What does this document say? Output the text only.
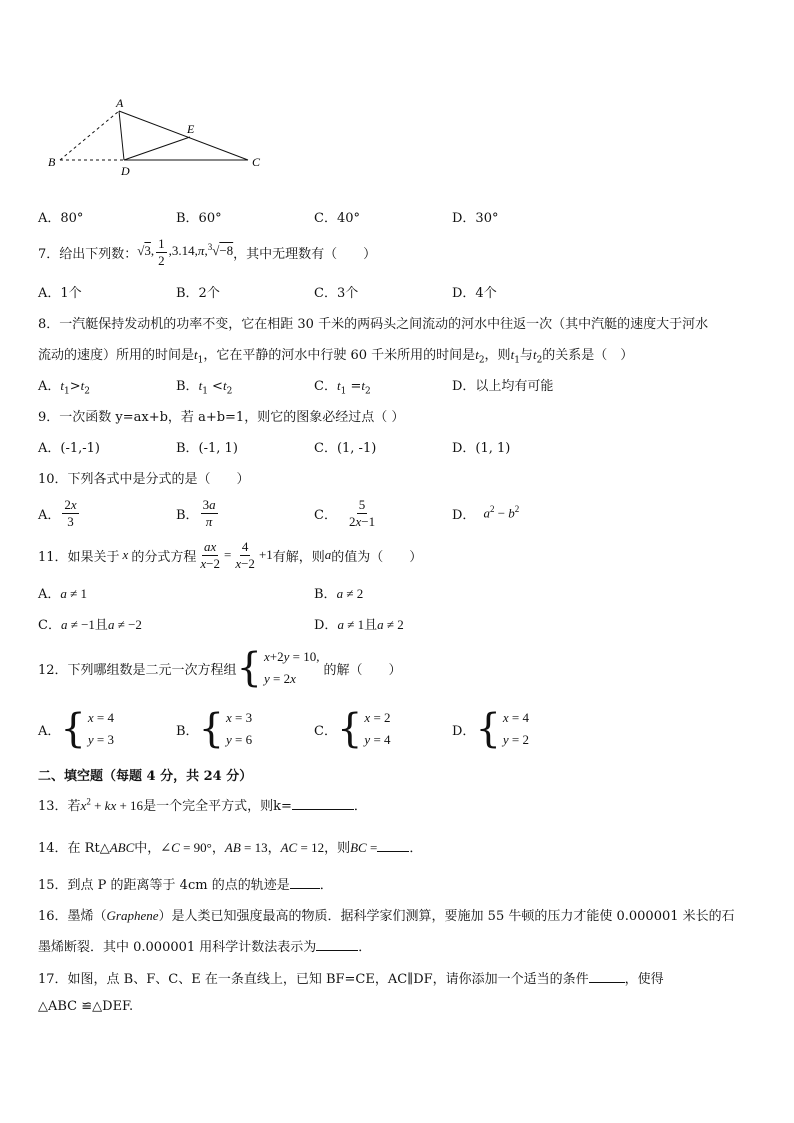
A
B
D
E
C
A．80°	B．60°	C．40°	D．30°
7．给出下列数： √3, $\frac{1}{2} ,3.14,\pi,^3√-8$ ，其中无理数有（　　）
A．1个	B．2个	C．3个	D．4个
8．一汽艇保持发动机的功率不变，它在相距 30 千米的两码头之间流动的河水中往返一次（其中汽艇的速度大于河水
流动的速度）所用的时间是$t_1$，它在平静的河水中行驶 60 千米所用的时间是$t_2$，则$t_1$与$t_2$的关系是（　）
A．$t_1>t_2$	B．$t_1 <t_2$	C．$t_1 =t_2$	D．以上均有可能
9．一次函数 y=ax+b，若 a+b=1，则它的图象必经过点（ ）
A．(-1,-1)	B．(-1, 1)	C．(1, -1)	D．(1, 1)
10．下列各式中是分式的是（　　）
A． $\frac{2x}{3}$	B． $\frac{3a}{\pi}$	C． $\frac{5}{2x-1}$	D． $a^2 - b^2$
11．如果关于 x 的分式方程 $\frac{ax}{x-2} = \frac{4}{x-2} +1$ 有解，则 a 的值为（　　）
A．a ≠ 1	B．a ≠ 2
C．a ≠ −1且a ≠ −2	D．a ≠ 1且a ≠ 2
12．下列哪组数是二元一次方程组 { x+2y = 10,
y = 2x
的解（　　）
A． { x = 4
y = 3
B． { x = 3
y = 6
C． { x = 2
y = 4
D． { x = 4
y = 2
二、填空题（每题 4 分，共 24 分）
13．若$x^2$ + kx + 16是一个完全平方式，则k=	．
14．在 Rt△ABC中，∠C = 90°，AB = 13，AC = 12，则BC = ．
15．到点 P 的距离等于 4cm 的点的轨迹是 ．
16．墨烯（Graphene）是人类已知强度最高的物质．据科学家们测算，要施加 55 牛顿的压力才能使 0.000001 米长的石
墨烯断裂．其中 0.000001 用科学计数法表示为	．
17．如图，点 B、F、C、E 在一条直线上，已知 BF=CE，AC∥DF，请你添加一个适当的条件	，使得
△ABC ≌△DEF.
